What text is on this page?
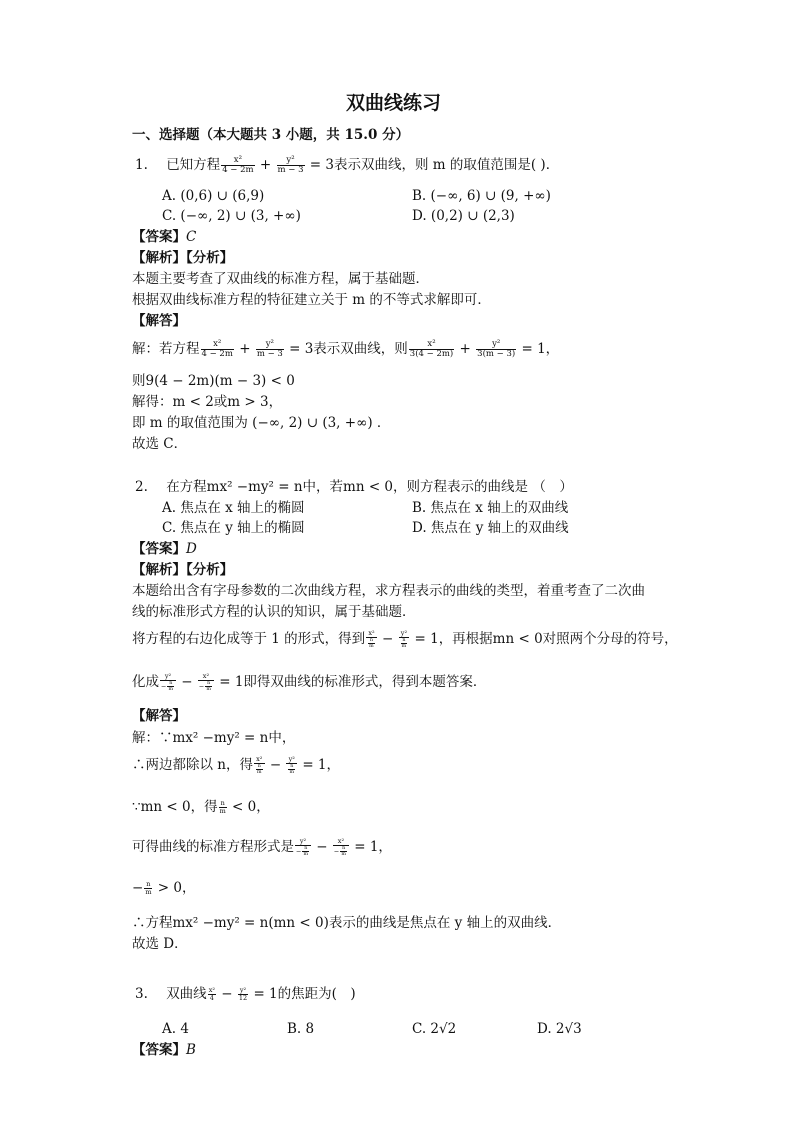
双曲线练习
一、选择题（本大题共 3 小题，共 15.0 分）
1. 已知方程 $\frac{\text{x²}}{4 - 2m} + \frac{\text{y²}}{m - 3} = 3$表示双曲线，则 m 的取值范围是( )．
A. (0,6) ∪ (6,9)	B. (−∞, 6) ∪ (9, +∞)
C. (−∞, 2) ∪ (3, +∞)	D. (0,2) ∪ (2,3)
【答案】C
【解析】【分析】
本题主要考查了双曲线的标准方程，属于基础题．
根据双曲线标准方程的特征建立关于 m 的不等式求解即可．
【解答】
解：若方程 $\frac{\text{x²}}{4 - 2m} + \frac{\text{y²}}{m - 3} = 3$表示双曲线，则 $\frac{\text{x²}}{3(4 - 2m)} + \frac{\text{y²}}{3(m - 3)} = 1$，
则9(4 − 2m)(m − 3) < 0
解得：m < 2或m > 3，
即 m 的取值范围为 (−∞, 2) ∪ (3, +∞) ．
故选 C．
2. 在方程mx² −my² = n中，若mn < 0，则方程表示的曲线是 （　）
A. 焦点在 x 轴上的椭圆	B. 焦点在 x 轴上的双曲线
C. 焦点在 y 轴上的椭圆	D. 焦点在 y 轴上的双曲线
【答案】D
【解析】【分析】
本题给出含有字母参数的二次曲线方程，求方程表示的曲线的类型，着重考查了二次曲
线的标准形式方程的认识的知识，属于基础题．
将方程的右边化成等于 1 的形式，得到 $\frac{\text{x²}}{\frac{n}{m}} - \frac{\text{y²}}{\frac{n}{m}} = 1$，再根据mn < 0对照两个分母的符号，
化成 $\frac{\text{y²}}{- \frac{n}{m}} - \frac{\text{x²}}{- \frac{n}{m}} = 1$即得双曲线的标准形式，得到本题答案．
【解答】
解：∵mx² −my² = n中，
∴两边都除以 n，得 $\frac{\text{x²}}{\frac{n}{m}} - \frac{\text{y²}}{\frac{n}{m}} = 1$，
∵mn < 0，得 $\frac{n}{m} < 0$，
可得曲线的标准方程形式是 $\frac{\text{y²}}{- \frac{n}{m}} - \frac{\text{x²}}{- \frac{n}{m}} = 1$，
− $\frac{n}{m} > 0$，
∴方程mx² −my² = n(mn < 0)表示的曲线是焦点在 y 轴上的双曲线．
故选 D．
3. 双曲线 $\frac{\text{x²}}{4} - \frac{\text{y²}}{12} = 1$的焦距为(　)
A. 4	B. 8	C. 2√2	D. 2√3
【答案】B
